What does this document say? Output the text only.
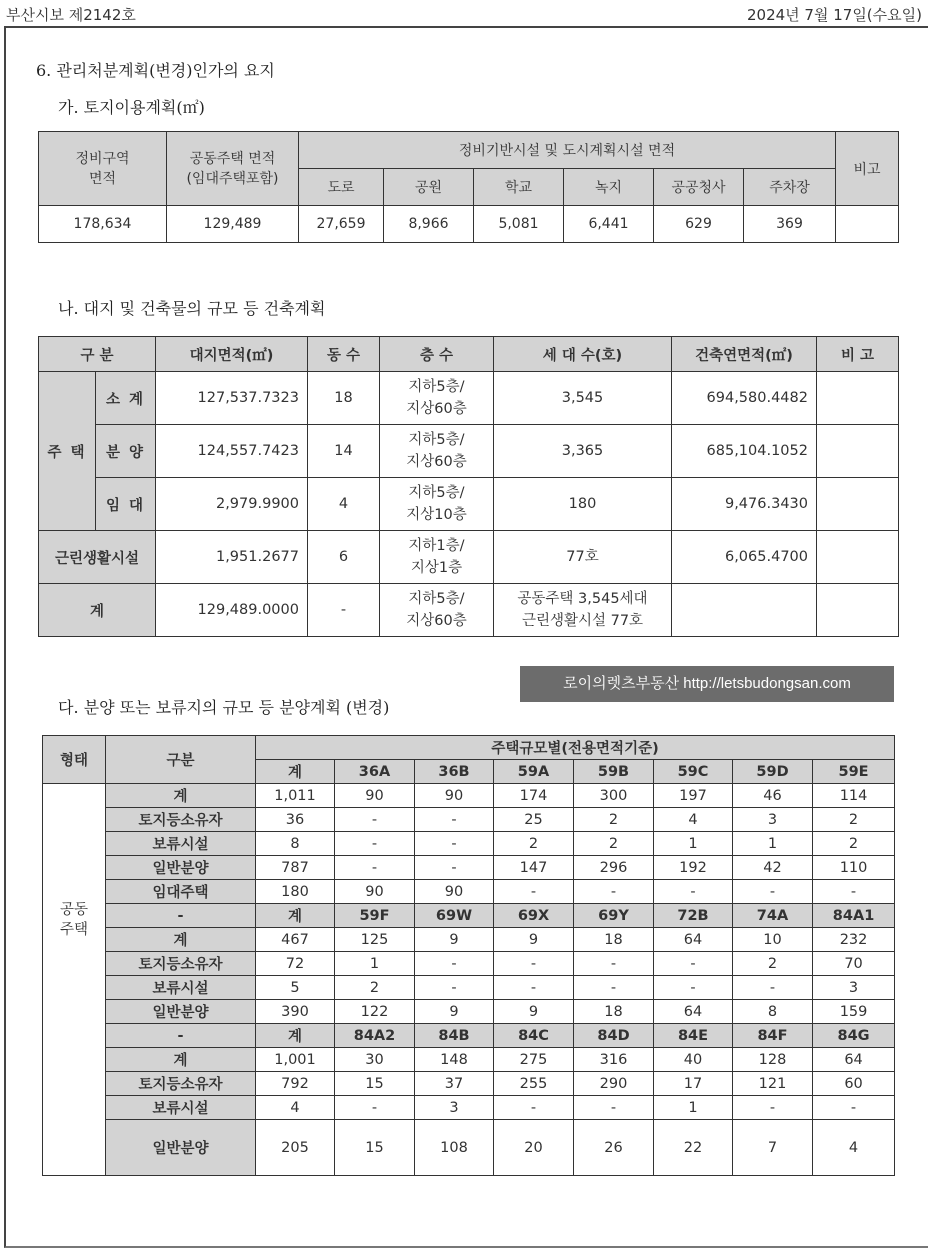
부산시보 제2142호	2024년 7월 17일(수요일)
6. 관리처분계획(변경)인가의 요지
가. 토지이용계획(㎡)
나. 대지 및 건축물의 규모 등 건축계획
다. 분양 또는 보류지의 규모 등 분양계획 (변경)
로이의렛츠부동산 http://letsbudongsan.com
정비구역
면적	공동주택 면적
(임대주택포함)	정비기반시설 및 도시계획시설 면적						비고
		도로	공원	학교	녹지	공공청사	주차장	
178,634	129,489	27,659	8,966	5,081	6,441	629	369	
구 분		대지면적(㎡)	동 수	층 수	세 대 수(호)	건축연면적(㎡)	비 고
주 택	소 계	127,537.7323	18	지하5층/
지상60층	3,545	694,580.4482	
	분 양	124,557.7423	14	지하5층/
지상60층	3,365	685,104.1052	
	임 대	2,979.9900	4	지하5층/
지상10층	180	9,476.3430	
근린생활시설		1,951.2677	6	지하1층/
지상1층	77호	6,065.4700	
계		129,489.0000	-	지하5층/
지상60층	공동주택 3,545세대
근린생활시설 77호		
형태	구분	주택규모별(전용면적기준)							
		계	36A	36B	59A	59B	59C	59D	59E
공동
주택	계	1,011	90	90	174	300	197	46	114
	토지등소유자	36	-	-	25	2	4	3	2
	보류시설	8	-	-	2	2	1	1	2
	일반분양	787	-	-	147	296	192	42	110
	임대주택	180	90	90	-	-	-	-	-
	-	계	59F	69W	69X	69Y	72B	74A	84A1
	계	467	125	9	9	18	64	10	232
	토지등소유자	72	1	-	-	-	-	2	70
	보류시설	5	2	-	-	-	-	-	3
	일반분양	390	122	9	9	18	64	8	159
	-	계	84A2	84B	84C	84D	84E	84F	84G
	계	1,001	30	148	275	316	40	128	64
	토지등소유자	792	15	37	255	290	17	121	60
	보류시설	4	-	3	-	-	1	-	-
	일반분양	205	15	108	20	26	22	7	4
